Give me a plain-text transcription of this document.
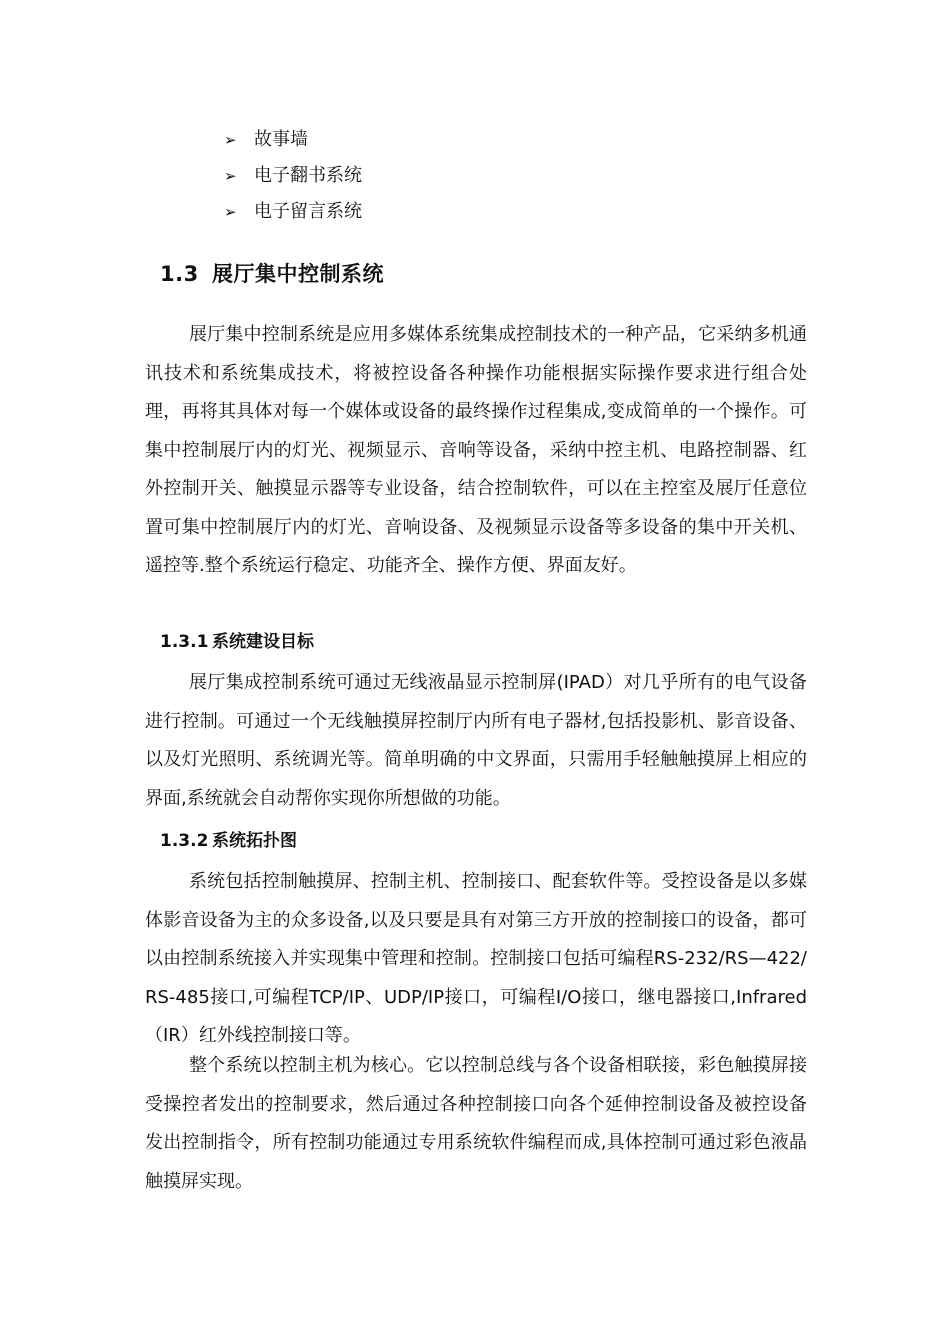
➢ 故事墙
➢ 电子翻书系统
➢ 电子留言系统
1.3 展厅集中控制系统

展厅集中控制系统是应用多媒体系统集成控制技术的一种产品，它采纳多机通讯技术和系统集成技术，将被控设备各种操作功能根据实际操作要求进行组合处理，再将其具体对每一个媒体或设备的最终操作过程集成,变成简单的一个操作。可集中控制展厅内的灯光、视频显示、音响等设备，采纳中控主机、电路控制器、红外控制开关、触摸显示器等专业设备，结合控制软件，可以在主控室及展厅任意位置可集中控制展厅内的灯光、音响设备、及视频显示设备等多设备的集中开关机、遥控等.整个系统运行稳定、功能齐全、操作方便、界面友好。

1.3.1 系统建设目标

展厅集成控制系统可通过无线液晶显示控制屏(IPAD）对几乎所有的电气设备进行控制。可通过一个无线触摸屏控制厅内所有电子器材,包括投影机、影音设备、以及灯光照明、系统调光等。简单明确的中文界面，只需用手轻触触摸屏上相应的界面,系统就会自动帮你实现你所想做的功能。

1.3.2 系统拓扑图

系统包括控制触摸屏、控制主机、控制接口、配套软件等。受控设备是以多媒体影音设备为主的众多设备,以及只要是具有对第三方开放的控制接口的设备，都可以由控制系统接入并实现集中管理和控制。控制接口包括可编程RS-232/RS—422/RS-485接口,可编程TCP/IP、UDP/IP接口，可编程I/O接口，继电器接口,Infrared（IR）红外线控制接口等。

整个系统以控制主机为核心。它以控制总线与各个设备相联接，彩色触摸屏接受操控者发出的控制要求，然后通过各种控制接口向各个延伸控制设备及被控设备发出控制指令，所有控制功能通过专用系统软件编程而成,具体控制可通过彩色液晶触摸屏实现。
